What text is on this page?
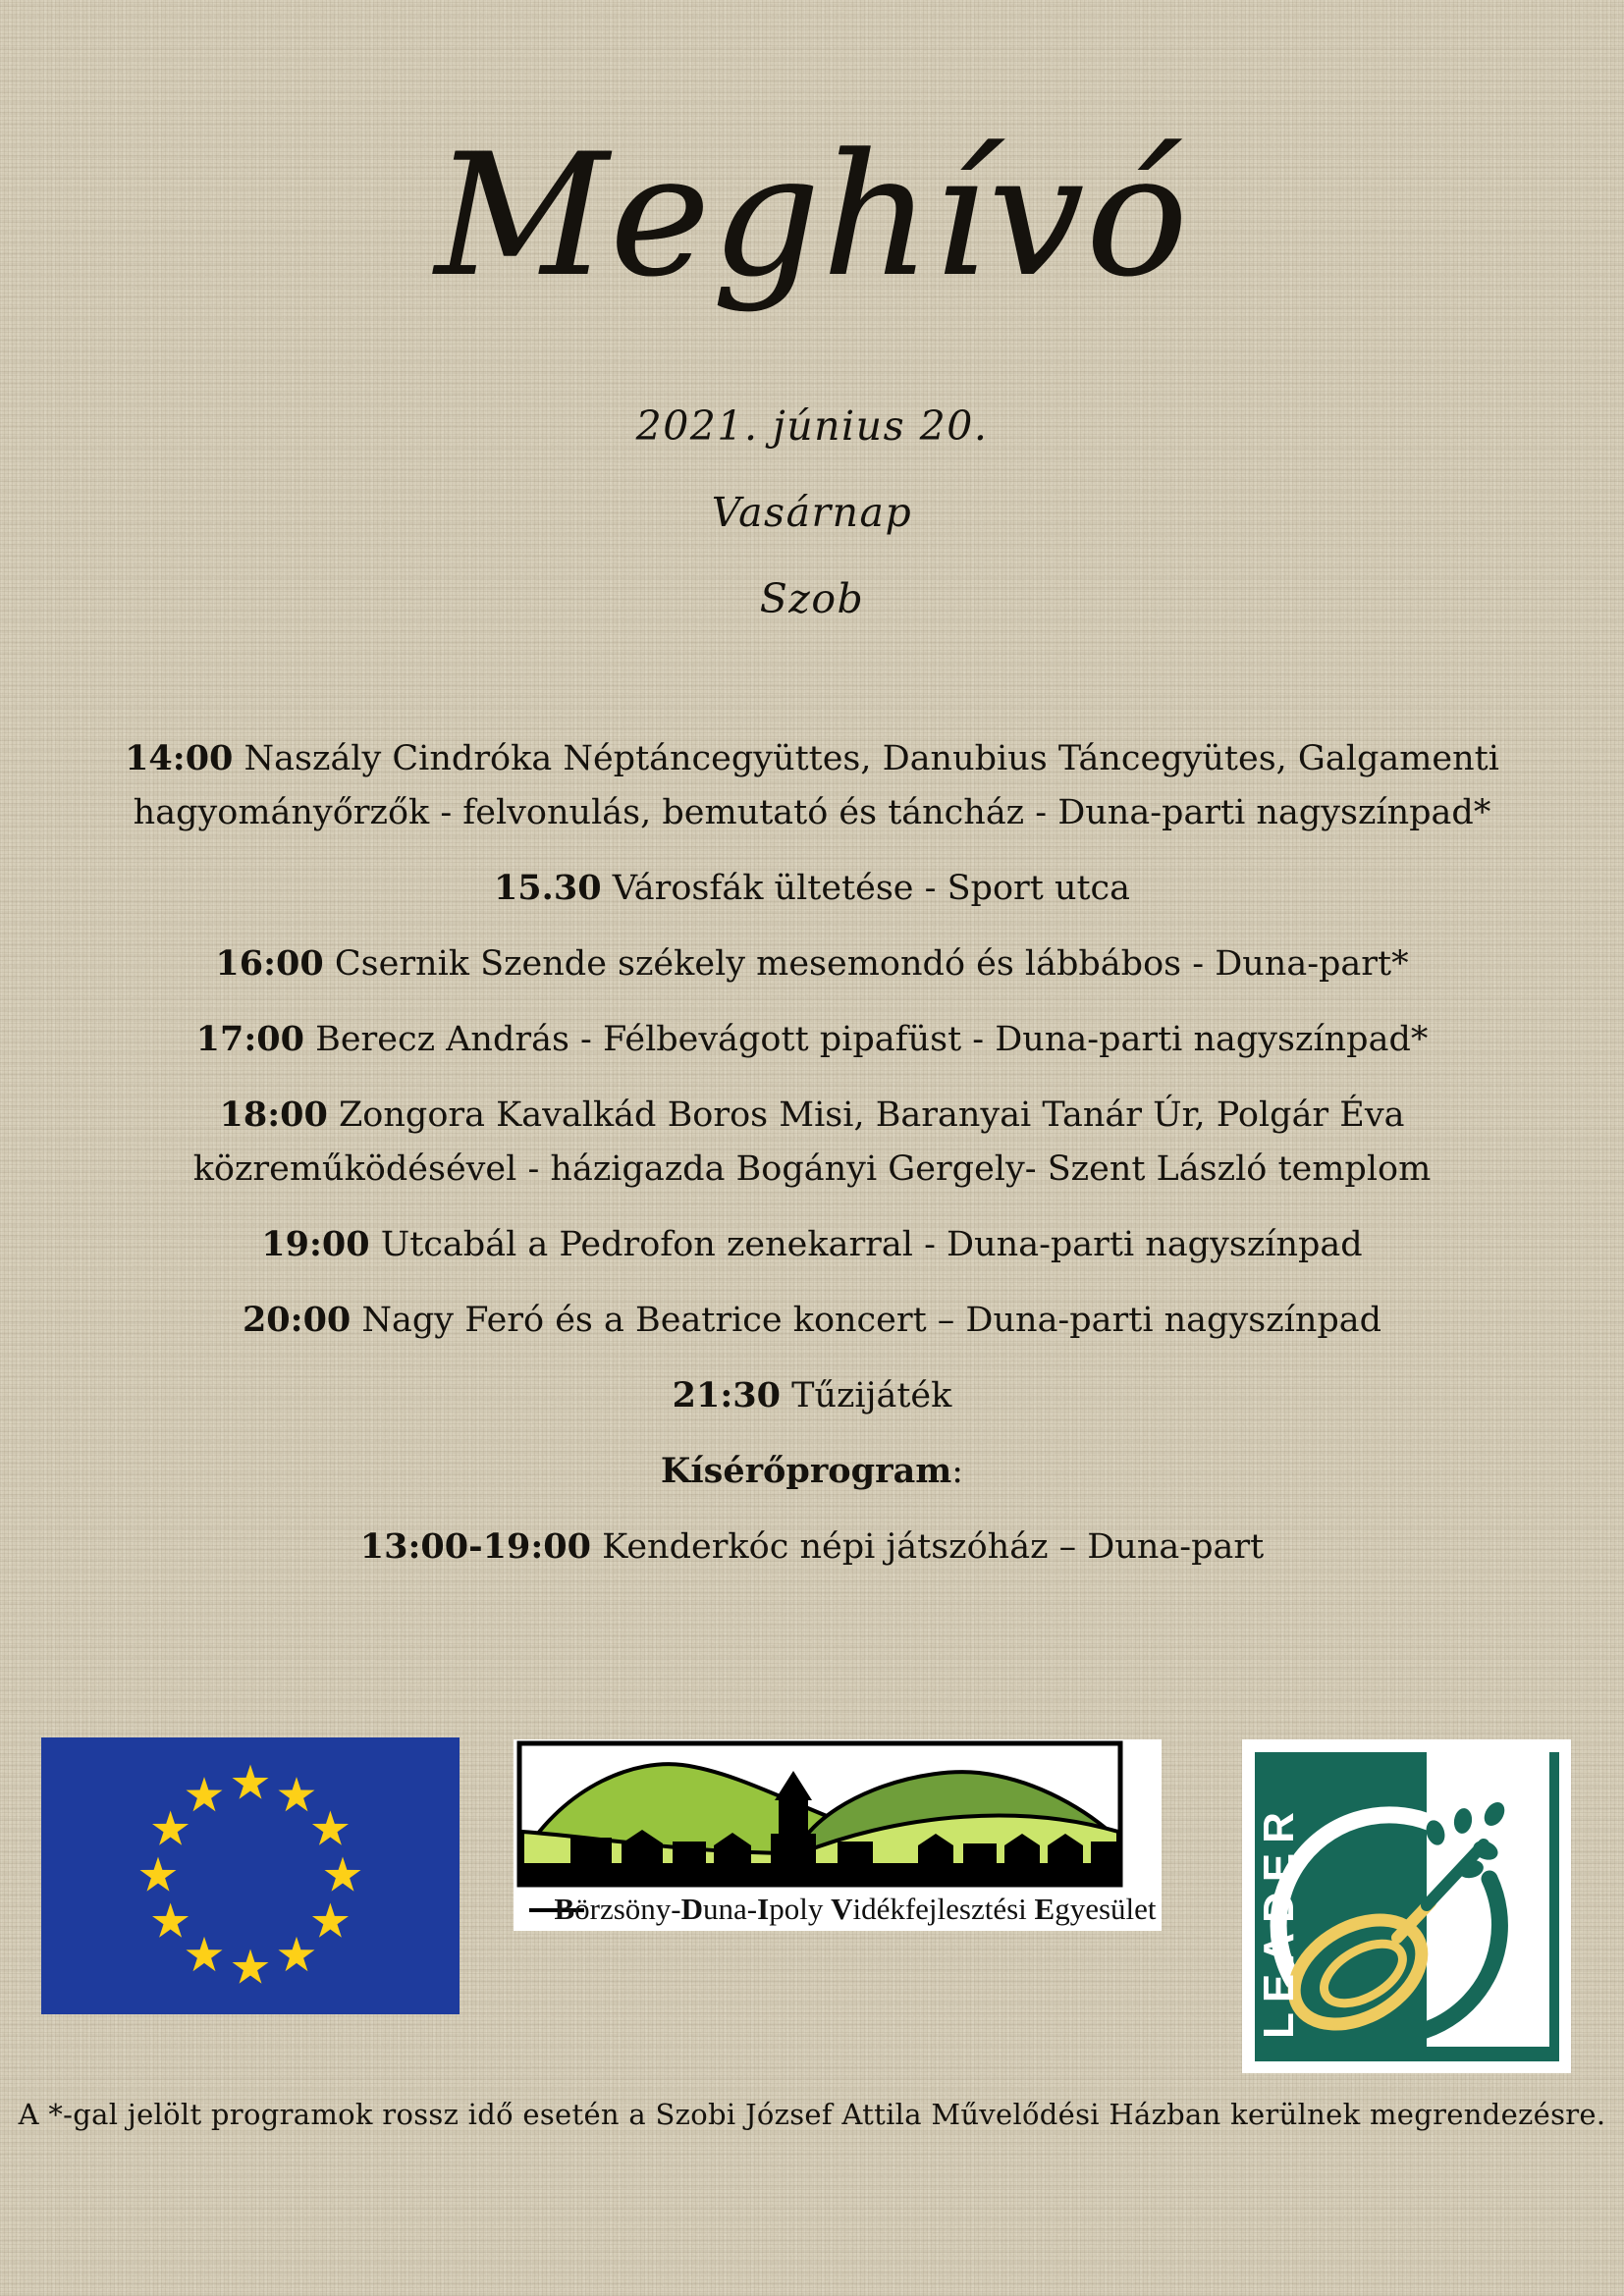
Meghívó

2021. június 20.

Vasárnap

Szob

14:00 Naszály Cindróka Néptáncegyüttes, Danubius Táncegyütes, Galgamenti hagyományőrzők - felvonulás, bemutató és táncház - Duna-parti nagyszínpad*

15.30 Városfák ültetése - Sport utca

16:00 Csernik Szende székely mesemondó és lábbábos - Duna-part*

17:00 Berecz András - Félbevágott pipafüst - Duna-parti nagyszínpad*

18:00 Zongora Kavalkád Boros Misi, Baranyai Tanár Úr, Polgár Éva közreműködésével - házigazda Bogányi Gergely- Szent László templom

19:00 Utcabál a Pedrofon zenekarral - Duna-parti nagyszínpad

20:00 Nagy Feró és a Beatrice koncert – Duna-parti nagyszínpad

21:30 Tűzijáték

Kísérőprogram:

13:00-19:00 Kenderkóc népi játszóház – Duna-part

Börzsöny-Duna-Ipoly Vidékfejlesztési Egyesület LEADER

A *-gal jelölt programok rossz idő esetén a Szobi József Attila Művelődési Házban kerülnek megrendezésre.
